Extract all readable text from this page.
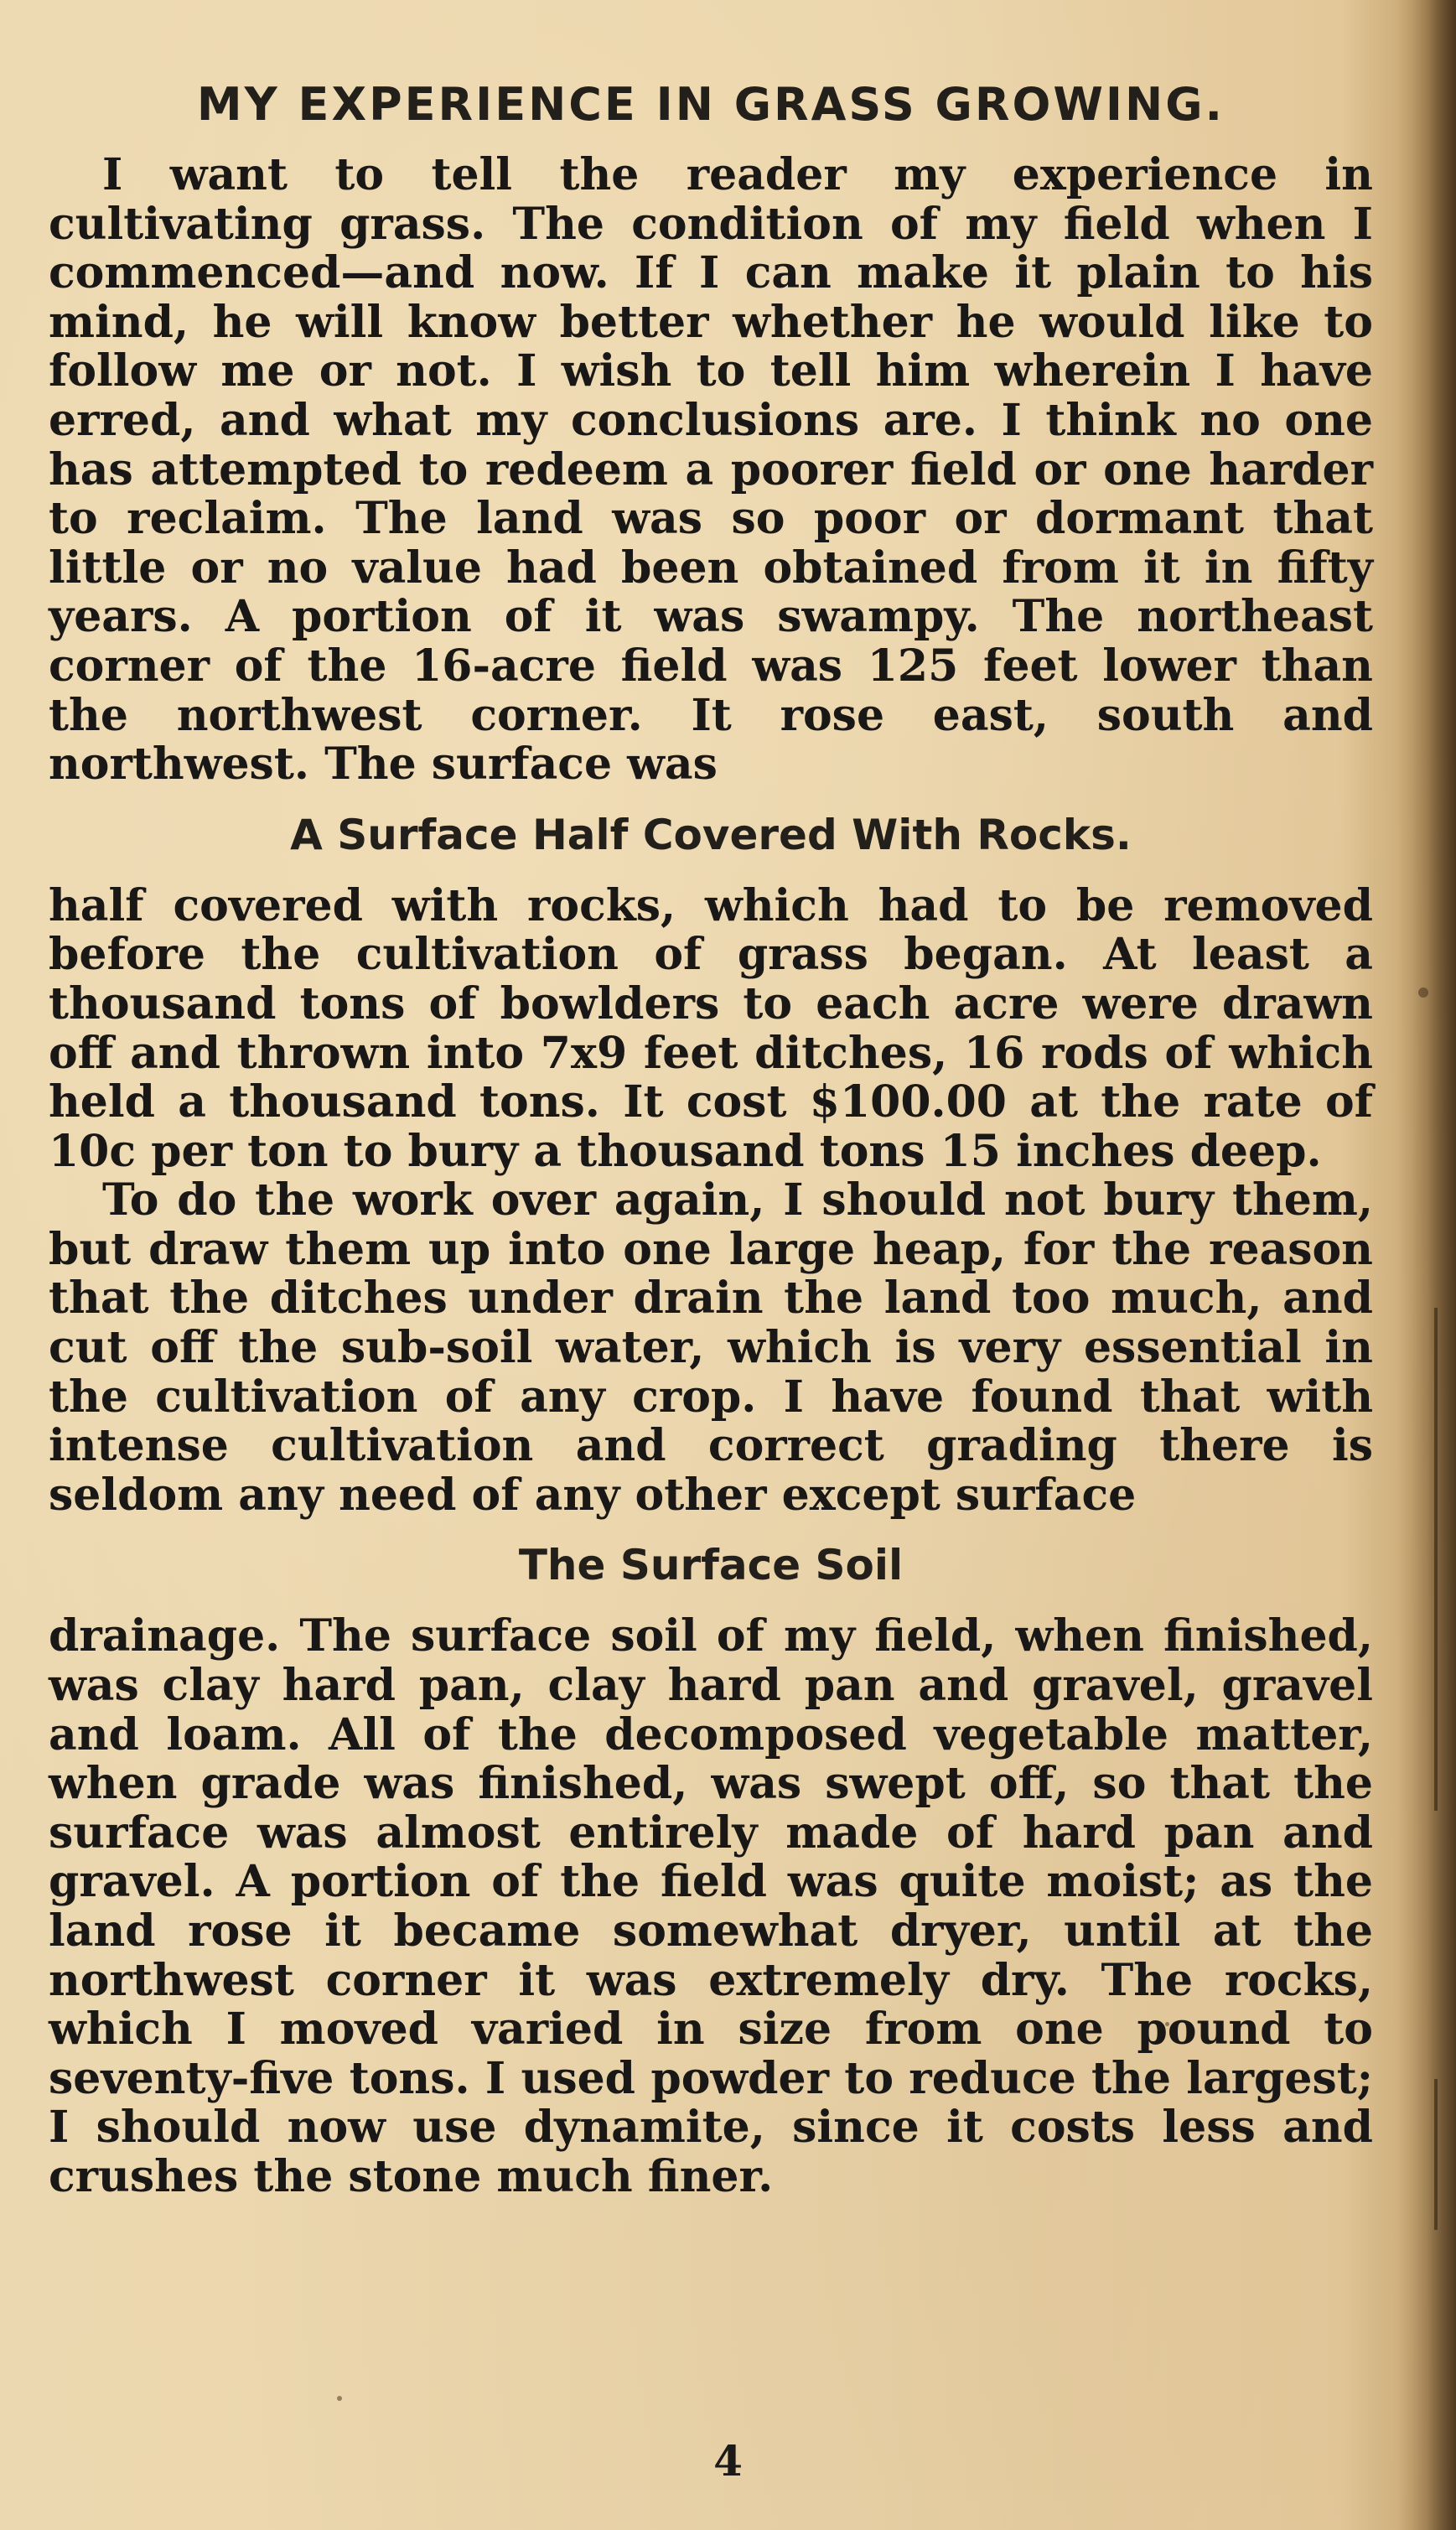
MY EXPERIENCE IN GRASS GROWING.

I want to tell the reader my experience in cultivating grass. The condition of my field when I commenced—and now. If I can make it plain to his mind, he will know better whether he would like to follow me or not. I wish to tell him wherein I have erred, and what my conclusions are. I think no one has attempted to redeem a poorer field or one harder to reclaim. The land was so poor or dormant that little or no value had been obtained from it in fifty years. A portion of it was swampy. The northeast corner of the 16-acre field was 125 feet lower than the northwest corner. It rose east, south and northwest. The surface was

A Surface Half Covered With Rocks.

half covered with rocks, which had to be removed before the cultivation of grass began. At least a thousand tons of bowlders to each acre were drawn off and thrown into 7x9 feet ditches, 16 rods of which held a thousand tons. It cost $100.00 at the rate of 10c per ton to bury a thousand tons 15 inches deep.

To do the work over again, I should not bury them, but draw them up into one large heap, for the reason that the ditches under drain the land too much, and cut off the sub-soil water, which is very essential in the cultivation of any crop. I have found that with intense cultivation and correct grading there is seldom any need of any other except surface

The Surface Soil

drainage. The surface soil of my field, when finished, was clay hard pan, clay hard pan and gravel, gravel and loam. All of the decomposed vegetable matter, when grade was finished, was swept off, so that the surface was almost entirely made of hard pan and gravel. A portion of the field was quite moist; as the land rose it became somewhat dryer, until at the northwest corner it was extremely dry. The rocks, which I moved varied in size from one pound to seventy-five tons. I used powder to reduce the largest; I should now use dynamite, since it costs less and crushes the stone much finer.

4
